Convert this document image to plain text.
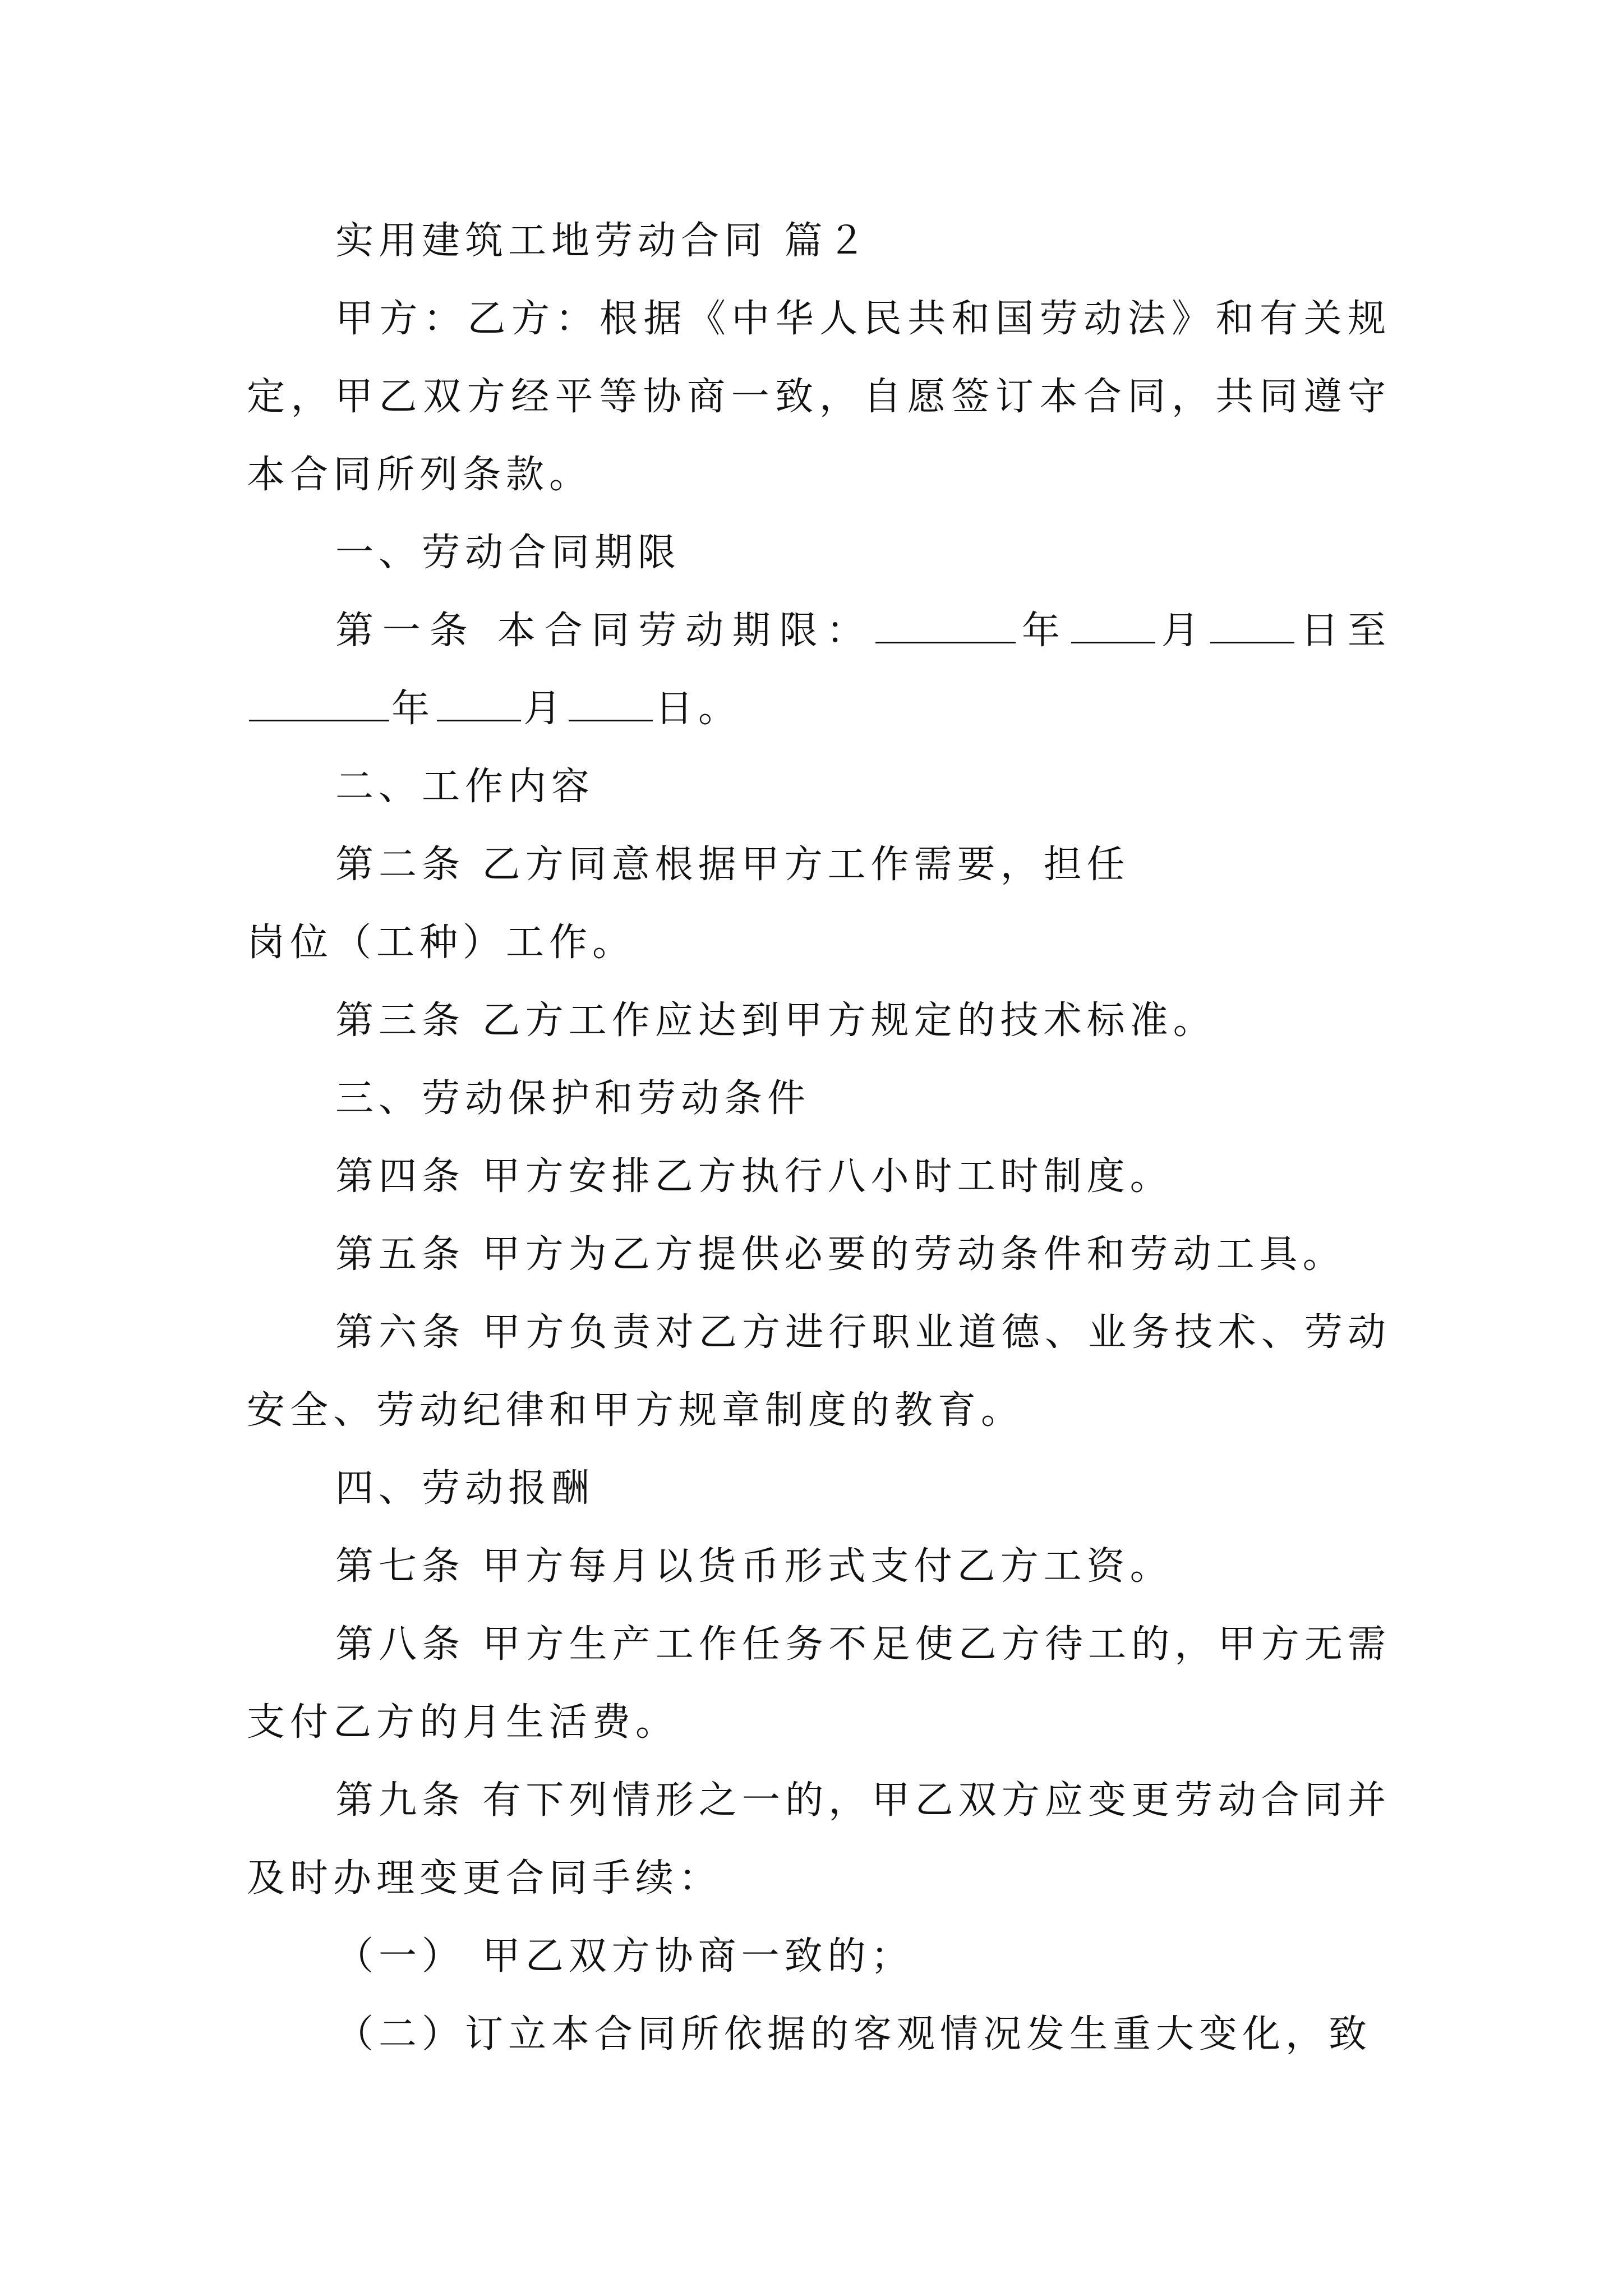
实用建筑工地劳动合同 篇２

甲方：乙方：根据《中华人民共和国劳动法》和有关规定，甲乙双方经平等协商一致，自愿签订本合同，共同遵守本合同所列条款。

一、劳动合同期限

第一条 本合同劳动期限：	年 月 日至年 月 日。

二、工作内容

第二条 乙方同意根据甲方工作需要，担任

岗位（工种）工作。

第三条 乙方工作应达到甲方规定的技术标准。

三、劳动保护和劳动条件

第四条 甲方安排乙方执行八小时工时制度。

第五条 甲方为乙方提供必要的劳动条件和劳动工具。

第六条 甲方负责对乙方进行职业道德、业务技术、劳动安全、劳动纪律和甲方规章制度的教育。

四、劳动报酬

第七条 甲方每月以货币形式支付乙方工资。

第八条 甲方生产工作任务不足使乙方待工的，甲方无需支付乙方的月生活费。

第九条 有下列情形之一的，甲乙双方应变更劳动合同并及时办理变更合同手续：

（一） 甲乙双方协商一致的；

（二）订立本合同所依据的客观情况发生重大变化，致
